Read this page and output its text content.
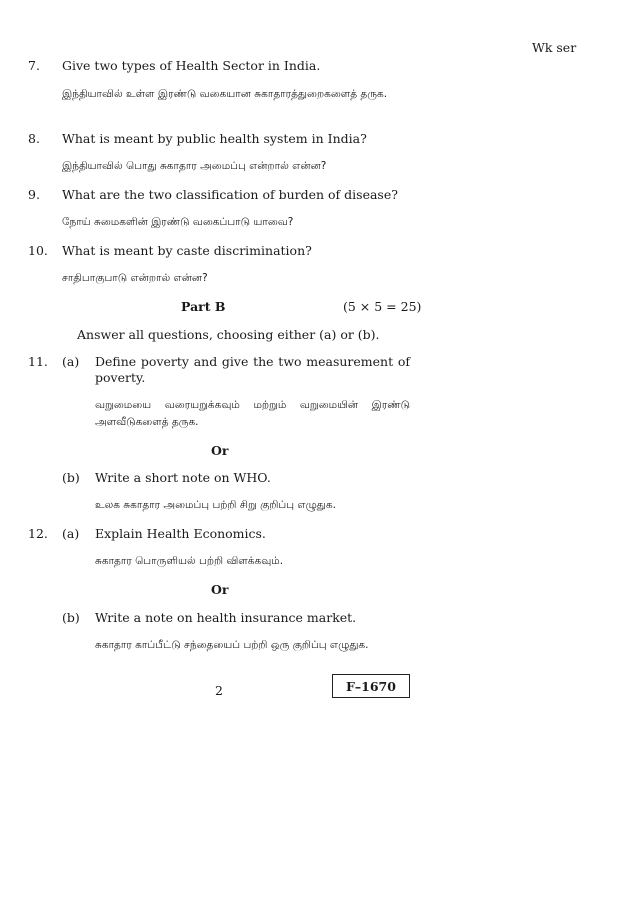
Wk ser
7. Give two types of Health Sector in India.
இந்தியாவில் உள்ள இரண்டு வகையான சுகாதாரத்துறைகளைத் தருக.
8. What is meant by public health system in India?
இந்தியாவில் பொது சுகாதார அமைப்பு என்றால் என்ன?
9. What are the two classification of burden of disease?
நோய் சுமைகளின் இரண்டு வகைப்பாடு யாவை?
10. What is meant by caste discrimination?
சாதிபாகுபாடு என்றால் என்ன?
Part B	(5 × 5 = 25)
Answer all questions, choosing either (a) or (b).
11. (a) Define poverty and give the two measurement of poverty.
வறுமையை வரையறுக்கவும் மற்றும் வறுமையின் இரண்டு அளவீடுகளைத் தருக.
Or
(b) Write a short note on WHO.
உலக சுகாதார அமைப்பு பற்றி சிறு குறிப்பு எழுதுக.
12. (a) Explain Health Economics.
சுகாதார பொருளியல் பற்றி விளக்கவும்.
Or
(b) Write a note on health insurance market.
சுகாதார காப்பீட்டு சந்தையைப் பற்றி ஒரு குறிப்பு எழுதுக.
2	F–1670
